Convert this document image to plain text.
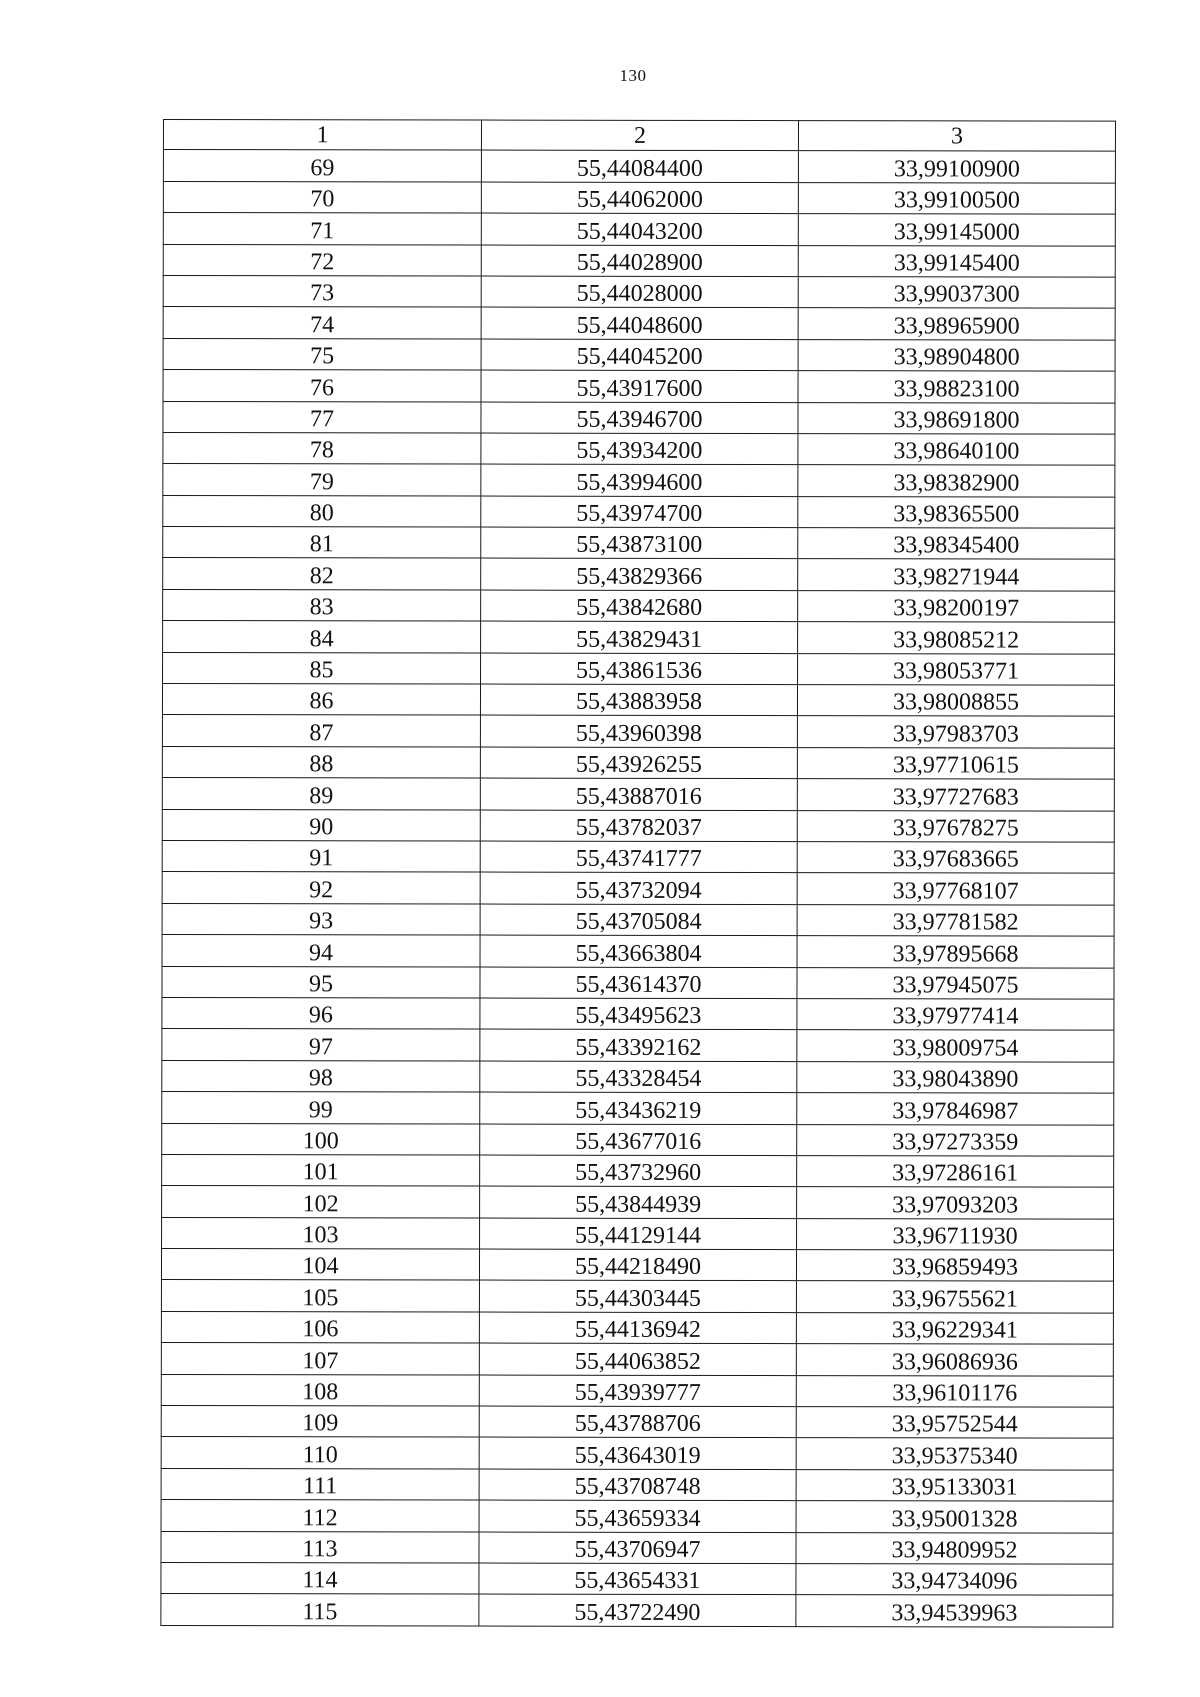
130
1	2	3
69	55,44084400	33,99100900
70	55,44062000	33,99100500
71	55,44043200	33,99145000
72	55,44028900	33,99145400
73	55,44028000	33,99037300
74	55,44048600	33,98965900
75	55,44045200	33,98904800
76	55,43917600	33,98823100
77	55,43946700	33,98691800
78	55,43934200	33,98640100
79	55,43994600	33,98382900
80	55,43974700	33,98365500
81	55,43873100	33,98345400
82	55,43829366	33,98271944
83	55,43842680	33,98200197
84	55,43829431	33,98085212
85	55,43861536	33,98053771
86	55,43883958	33,98008855
87	55,43960398	33,97983703
88	55,43926255	33,97710615
89	55,43887016	33,97727683
90	55,43782037	33,97678275
91	55,43741777	33,97683665
92	55,43732094	33,97768107
93	55,43705084	33,97781582
94	55,43663804	33,97895668
95	55,43614370	33,97945075
96	55,43495623	33,97977414
97	55,43392162	33,98009754
98	55,43328454	33,98043890
99	55,43436219	33,97846987
100	55,43677016	33,97273359
101	55,43732960	33,97286161
102	55,43844939	33,97093203
103	55,44129144	33,96711930
104	55,44218490	33,96859493
105	55,44303445	33,96755621
106	55,44136942	33,96229341
107	55,44063852	33,96086936
108	55,43939777	33,96101176
109	55,43788706	33,95752544
110	55,43643019	33,95375340
111	55,43708748	33,95133031
112	55,43659334	33,95001328
113	55,43706947	33,94809952
114	55,43654331	33,94734096
115	55,43722490	33,94539963
